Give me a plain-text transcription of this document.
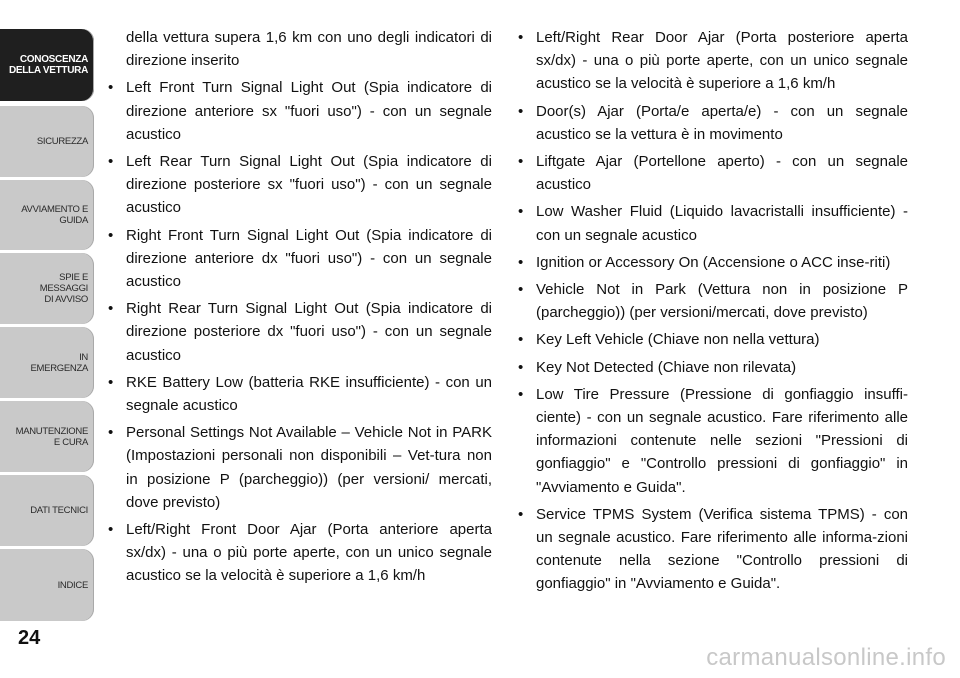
CONOSCENZA
DELLA VETTURA
SICUREZZA
AVVIAMENTO E
GUIDA
SPIE E
MESSAGGI
DI AVVISO
IN
EMERGENZA
MANUTENZIONE
E CURA
DATI TECNICI
INDICE
24

della vettura supera 1,6 km con uno degli indicatori di direzione inserito

• Left Front Turn Signal Light Out (Spia indicatore di direzione anteriore sx "fuori uso") - con un segnale acustico

• Left Rear Turn Signal Light Out (Spia indicatore di direzione posteriore sx "fuori uso") - con un segnale acustico

• Right Front Turn Signal Light Out (Spia indicatore di direzione anteriore dx "fuori uso") - con un segnale acustico

• Right Rear Turn Signal Light Out (Spia indicatore di direzione posteriore dx "fuori uso") - con un segnale acustico

• RKE Battery Low (batteria RKE insufficiente) - con un segnale acustico

• Personal Settings Not Available – Vehicle Not in PARK (Impostazioni personali non disponibili – Vet-tura non in posizione P (parcheggio)) (per versioni/ mercati, dove previsto)

• Left/Right Front Door Ajar (Porta anteriore aperta sx/dx) - una o più porte aperte, con un unico segnale acustico se la velocità è superiore a 1,6 km/h

• Left/Right Rear Door Ajar (Porta posteriore aperta sx/dx) - una o più porte aperte, con un unico segnale acustico se la velocità è superiore a 1,6 km/h

• Door(s) Ajar (Porta/e aperta/e) - con un segnale acustico se la vettura è in movimento

• Liftgate Ajar (Portellone aperto) - con un segnale acustico

• Low Washer Fluid (Liquido lavacristalli insufficiente) - con un segnale acustico

• Ignition or Accessory On (Accensione o ACC inse-riti)

• Vehicle Not in Park (Vettura non in posizione P (parcheggio)) (per versioni/mercati, dove previsto)

• Key Left Vehicle (Chiave non nella vettura)

• Key Not Detected (Chiave non rilevata)

• Low Tire Pressure (Pressione di gonfiaggio insuffi-ciente) - con un segnale acustico. Fare riferimento alle informazioni contenute nelle sezioni "Pressioni di gonfiaggio" e "Controllo pressioni di gonfiaggio" in "Avviamento e Guida".

• Service TPMS System (Verifica sistema TPMS) - con un segnale acustico. Fare riferimento alle informa-zioni contenute nella sezione "Controllo pressioni di gonfiaggio" in "Avviamento e Guida".

carmanualsonline.info
